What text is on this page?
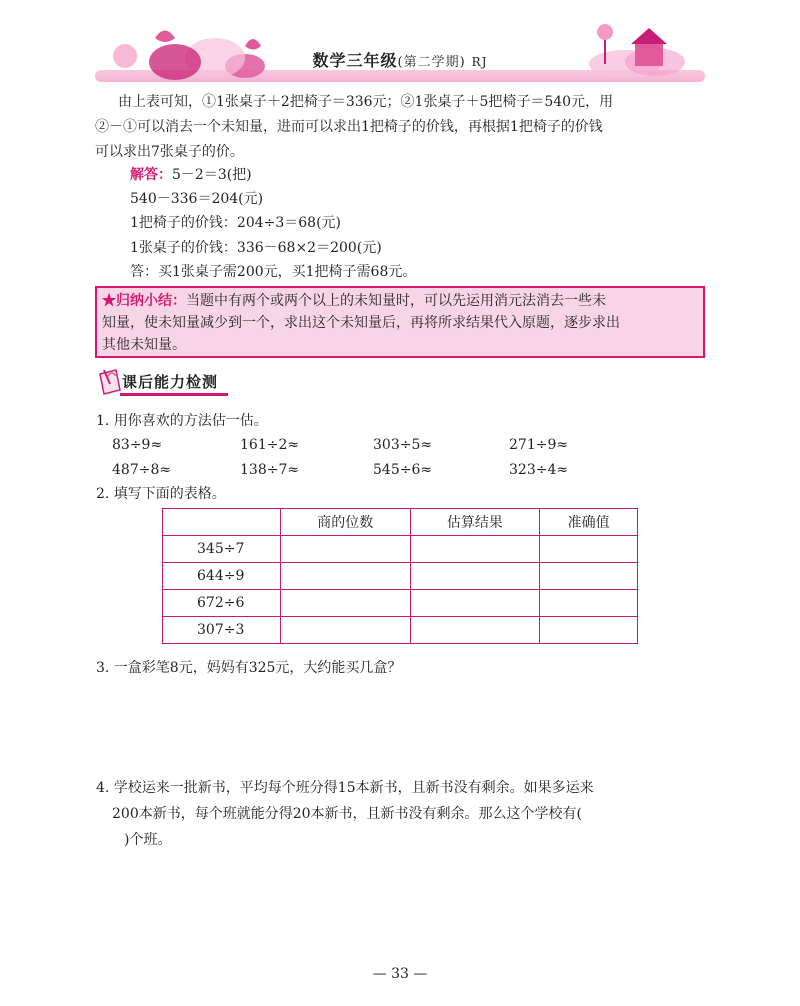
数学三年级(第二学期) RJ
由上表可知，①1张桌子＋2把椅子＝336元；②1张桌子＋5把椅子＝540元，用
②－①可以消去一个未知量，进而可以求出1把椅子的价钱，再根据1把椅子的价钱
可以求出7张桌子的价。
解答：5－2＝3(把)
540－336＝204(元)
1把椅子的价钱：204÷3＝68(元)
1张桌子的价钱：336－68×2＝200(元)
答：买1张桌子需200元，买1把椅子需68元。
★归纳小结：当题中有两个或两个以上的未知量时，可以先运用消元法消去一些未
知量，使未知量减少到一个，求出这个未知量后，再将所求结果代入原题，逐步求出
其他未知量。
课后能力检测
1. 用你喜欢的方法估一估。
83÷9≈	161÷2≈	303÷5≈	271÷9≈
487÷8≈	138÷7≈	545÷6≈	323÷4≈
2. 填写下面的表格。
	商的位数	估算结果	准确值
345÷7			
644÷9			
672÷6			
307÷3			
3. 一盒彩笔8元，妈妈有325元，大约能买几盒？
4. 学校运来一批新书，平均每个班分得15本新书，且新书没有剩余。如果多运来
200本新书，每个班就能分得20本新书，且新书没有剩余。那么这个学校有(
)个班。
— 33 —
